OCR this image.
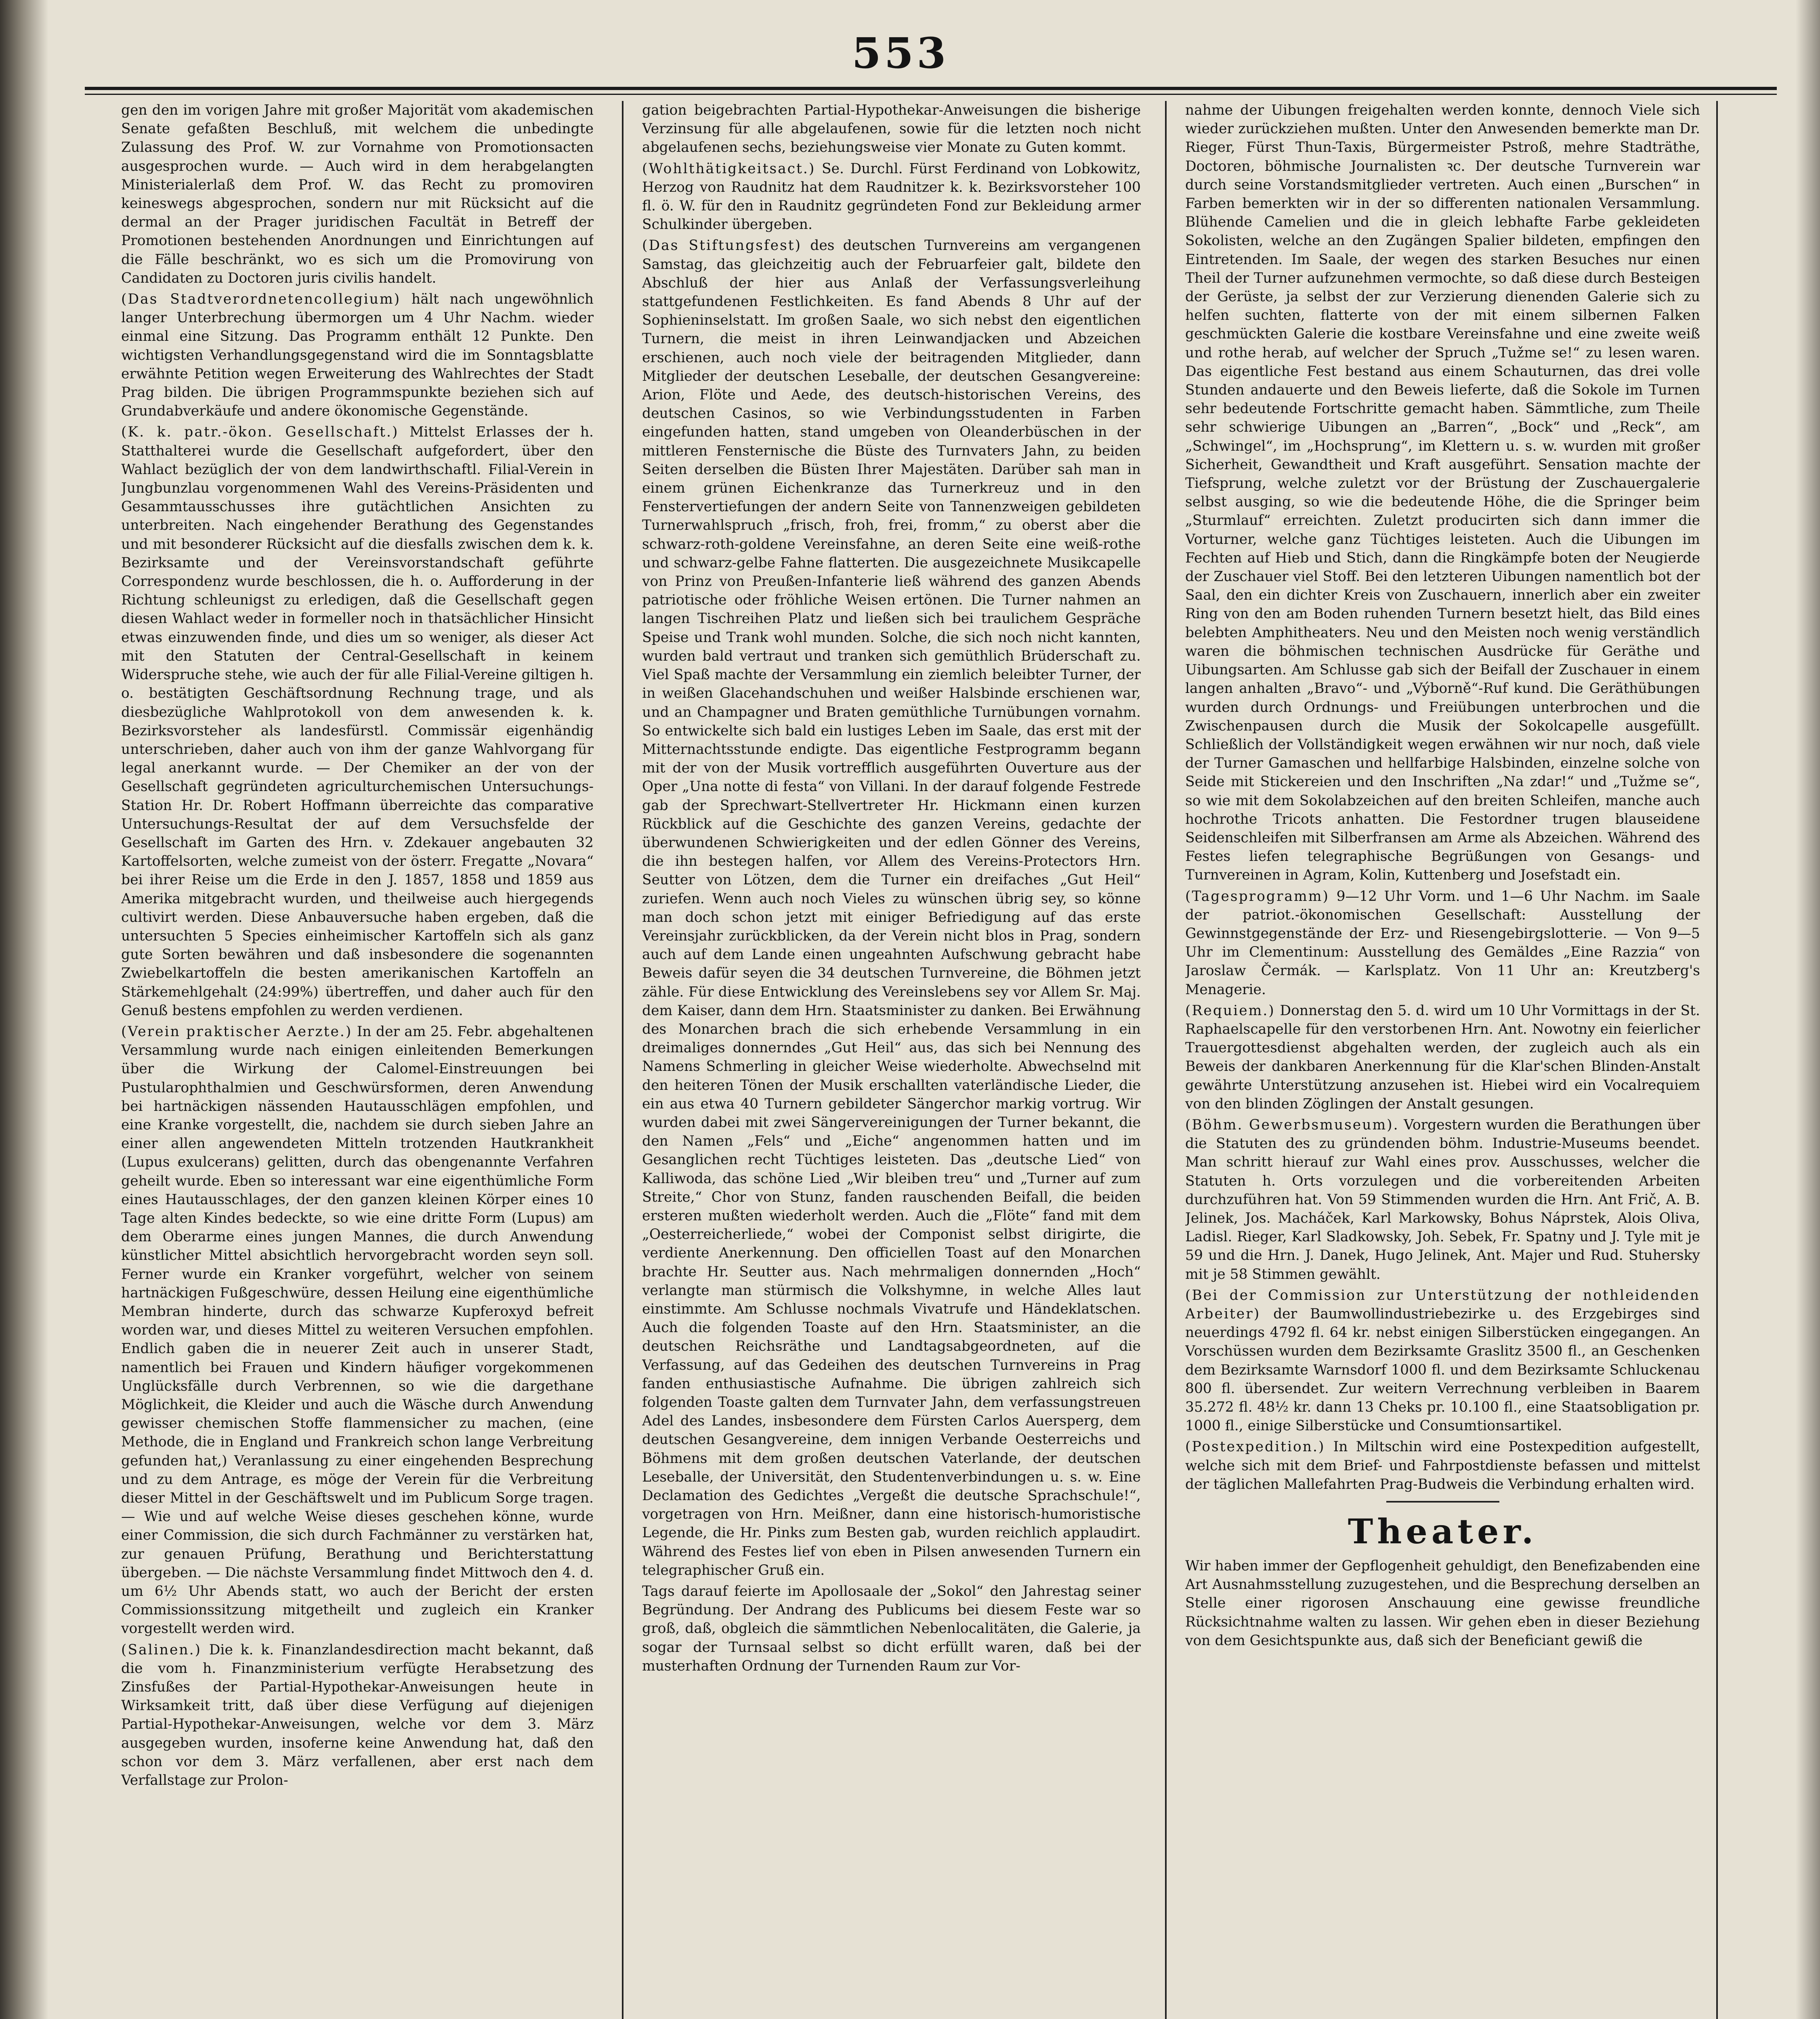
553

gen den im vorigen Jahre mit großer Majorität vom akademischen Senate gefaßten Beschluß, mit welchem die unbedingte Zulassung des Prof. W. zur Vornahme von Promotionsacten ausgesprochen wurde. — Auch wird in dem herabgelangten Ministerialerlaß dem Prof. W. das Recht zu promoviren keineswegs abgesprochen, sondern nur mit Rücksicht auf die dermal an der Prager juridischen Facultät in Betreff der Promotionen bestehenden Anordnungen und Einrichtungen auf die Fälle beschränkt, wo es sich um die Promovirung von Candidaten zu Doctoren juris civilis handelt.

(Das Stadtverordnetencollegium) hält nach ungewöhnlich langer Unterbrechung übermorgen um 4 Uhr Nachm. wieder einmal eine Sitzung. Das Programm enthält 12 Punkte. Den wichtigsten Verhandlungsgegenstand wird die im Sonntagsblatte erwähnte Petition wegen Erweiterung des Wahlrechtes der Stadt Prag bilden. Die übrigen Programmspunkte beziehen sich auf Grundabverkäufe und andere ökonomische Gegenstände.

(K. k. patr.-ökon. Gesellschaft.) Mittelst Erlasses der h. Statthalterei wurde die Gesellschaft aufgefordert, über den Wahlact bezüglich der von dem landwirthschaftl. Filial-Verein in Jungbunzlau vorgenommenen Wahl des Vereins-Präsidenten und Gesammtausschusses ihre gutächtlichen Ansichten zu unterbreiten. Nach eingehender Berathung des Gegenstandes und mit besonderer Rücksicht auf die diesfalls zwischen dem k. k. Bezirksamte und der Vereinsvorstandschaft geführte Correspondenz wurde beschlossen, die h. o. Aufforderung in der Richtung schleunigst zu erledigen, daß die Gesellschaft gegen diesen Wahlact weder in formeller noch in thatsächlicher Hinsicht etwas einzuwenden finde, und dies um so weniger, als dieser Act mit den Statuten der Central-Gesellschaft in keinem Widerspruche stehe, wie auch der für alle Filial-Vereine giltigen h. o. bestätigten Geschäftsordnung Rechnung trage, und als diesbezügliche Wahlprotokoll von dem anwesenden k. k. Bezirksvorsteher als landesfürstl. Commissär eigenhändig unterschrieben, daher auch von ihm der ganze Wahlvorgang für legal anerkannt wurde. — Der Chemiker an der von der Gesellschaft gegründeten agriculturchemischen Untersuchungs-Station Hr. Dr. Robert Hoffmann überreichte das comparative Untersuchungs-Resultat der auf dem Versuchsfelde der Gesellschaft im Garten des Hrn. v. Zdekauer angebauten 32 Kartoffelsorten, welche zumeist von der österr. Fregatte „Novara“ bei ihrer Reise um die Erde in den J. 1857, 1858 und 1859 aus Amerika mitgebracht wurden, und theilweise auch hiergegends cultivirt werden. Diese Anbauversuche haben ergeben, daß die untersuchten 5 Species einheimischer Kartoffeln sich als ganz gute Sorten bewähren und daß insbesondere die sogenannten Zwiebelkartoffeln die besten amerikanischen Kartoffeln an Stärkemehlgehalt (24:99%) übertreffen, und daher auch für den Genuß bestens empfohlen zu werden verdienen.

(Verein praktischer Aerzte.) In der am 25. Febr. abgehaltenen Versammlung wurde nach einigen einleitenden Bemerkungen über die Wirkung der Calomel-Einstreuungen bei Pustularophthalmien und Geschwürsformen, deren Anwendung bei hartnäckigen nässenden Hautausschlägen empfohlen, und eine Kranke vorgestellt, die, nachdem sie durch sieben Jahre an einer allen angewendeten Mitteln trotzenden Hautkrankheit (Lupus exulcerans) gelitten, durch das obengenannte Verfahren geheilt wurde. Eben so interessant war eine eigenthümliche Form eines Hautausschlages, der den ganzen kleinen Körper eines 10 Tage alten Kindes bedeckte, so wie eine dritte Form (Lupus) am dem Oberarme eines jungen Mannes, die durch Anwendung künstlicher Mittel absichtlich hervorgebracht worden seyn soll. Ferner wurde ein Kranker vorgeführt, welcher von seinem hartnäckigen Fußgeschwüre, dessen Heilung eine eigenthümliche Membran hinderte, durch das schwarze Kupferoxyd befreit worden war, und dieses Mittel zu weiteren Versuchen empfohlen. Endlich gaben die in neuerer Zeit auch in unserer Stadt, namentlich bei Frauen und Kindern häufiger vorgekommenen Unglücksfälle durch Verbrennen, so wie die dargethane Möglichkeit, die Kleider und auch die Wäsche durch Anwendung gewisser chemischen Stoffe flammensicher zu machen, (eine Methode, die in England und Frankreich schon lange Verbreitung gefunden hat,) Veranlassung zu einer eingehenden Besprechung und zu dem Antrage, es möge der Verein für die Verbreitung dieser Mittel in der Geschäftswelt und im Publicum Sorge tragen. — Wie und auf welche Weise dieses geschehen könne, wurde einer Commission, die sich durch Fachmänner zu verstärken hat, zur genauen Prüfung, Berathung und Berichterstattung übergeben. — Die nächste Versammlung findet Mittwoch den 4. d. um 6½ Uhr Abends statt, wo auch der Bericht der ersten Commissionssitzung mitgetheilt und zugleich ein Kranker vorgestellt werden wird.

(Salinen.) Die k. k. Finanzlandesdirection macht bekannt, daß die vom h. Finanzministerium verfügte Herabsetzung des Zinsfußes der Partial-Hypothekar-Anweisungen heute in Wirksamkeit tritt, daß über diese Verfügung auf diejenigen Partial-Hypothekar-Anweisungen, welche vor dem 3. März ausgegeben wurden, insoferne keine Anwendung hat, daß den schon vor dem 3. März verfallenen, aber erst nach dem Verfallstage zur Prolon-

gation beigebrachten Partial-Hypothekar-Anweisungen die bisherige Verzinsung für alle abgelaufenen, sowie für die letzten noch nicht abgelaufenen sechs, beziehungsweise vier Monate zu Guten kommt.

(Wohlthätigkeitsact.) Se. Durchl. Fürst Ferdinand von Lobkowitz, Herzog von Raudnitz hat dem Raudnitzer k. k. Bezirksvorsteher 100 fl. ö. W. für den in Raudnitz gegründeten Fond zur Bekleidung armer Schulkinder übergeben.

(Das Stiftungsfest) des deutschen Turnvereins am vergangenen Samstag, das gleichzeitig auch der Februarfeier galt, bildete den Abschluß der hier aus Anlaß der Verfassungsverleihung stattgefundenen Festlichkeiten. Es fand Abends 8 Uhr auf der Sophieninselstatt. Im großen Saale, wo sich nebst den eigentlichen Turnern, die meist in ihren Leinwandjacken und Abzeichen erschienen, auch noch viele der beitragenden Mitglieder, dann Mitglieder der deutschen Leseballe, der deutschen Gesangvereine: Arion, Flöte und Aede, des deutsch-historischen Vereins, des deutschen Casinos, so wie Verbindungsstudenten in Farben eingefunden hatten, stand umgeben von Oleanderbüschen in der mittleren Fensternische die Büste des Turnvaters Jahn, zu beiden Seiten derselben die Büsten Ihrer Majestäten. Darüber sah man in einem grünen Eichenkranze das Turnerkreuz und in den Fenstervertiefungen der andern Seite von Tannenzweigen gebildeten Turnerwahlspruch „frisch, froh, frei, fromm,“ zu oberst aber die schwarz-roth-goldene Vereinsfahne, an deren Seite eine weiß-rothe und schwarz-gelbe Fahne flatterten. Die ausgezeichnete Musikcapelle von Prinz von Preußen-Infanterie ließ während des ganzen Abends patriotische oder fröhliche Weisen ertönen. Die Turner nahmen an langen Tischreihen Platz und ließen sich bei traulichem Gespräche Speise und Trank wohl munden. Solche, die sich noch nicht kannten, wurden bald vertraut und tranken sich gemüthlich Brüderschaft zu. Viel Spaß machte der Versammlung ein ziemlich beleibter Turner, der in weißen Glacehandschuhen und weißer Halsbinde erschienen war, und an Champagner und Braten gemüthliche Turnübungen vornahm. So entwickelte sich bald ein lustiges Leben im Saale, das erst mit der Mitternachtsstunde endigte. Das eigentliche Festprogramm begann mit der von der Musik vortrefflich ausgeführten Ouverture aus der Oper „Una notte di festa“ von Villani. In der darauf folgende Festrede gab der Sprechwart-Stellvertreter Hr. Hickmann einen kurzen Rückblick auf die Geschichte des ganzen Vereins, gedachte der überwundenen Schwierigkeiten und der edlen Gönner des Vereins, die ihn bestegen halfen, vor Allem des Vereins-Protectors Hrn. Seutter von Lötzen, dem die Turner ein dreifaches „Gut Heil“ zuriefen. Wenn auch noch Vieles zu wünschen übrig sey, so könne man doch schon jetzt mit einiger Befriedigung auf das erste Vereinsjahr zurückblicken, da der Verein nicht blos in Prag, sondern auch auf dem Lande einen ungeahnten Aufschwung gebracht habe Beweis dafür seyen die 34 deutschen Turnvereine, die Böhmen jetzt zähle. Für diese Entwicklung des Vereinslebens sey vor Allem Sr. Maj. dem Kaiser, dann dem Hrn. Staatsminister zu danken. Bei Erwähnung des Monarchen brach die sich erhebende Versammlung in ein dreimaliges donnerndes „Gut Heil“ aus, das sich bei Nennung des Namens Schmerling in gleicher Weise wiederholte. Abwechselnd mit den heiteren Tönen der Musik erschallten vaterländische Lieder, die ein aus etwa 40 Turnern gebildeter Sängerchor markig vortrug. Wir wurden dabei mit zwei Sängervereinigungen der Turner bekannt, die den Namen „Fels“ und „Eiche“ angenommen hatten und im Gesanglichen recht Tüchtiges leisteten. Das „deutsche Lied“ von Kalliwoda, das schöne Lied „Wir bleiben treu“ und „Turner auf zum Streite,“ Chor von Stunz, fanden rauschenden Beifall, die beiden ersteren mußten wiederholt werden. Auch die „Flöte“ fand mit dem „Oesterreicherliede,“ wobei der Componist selbst dirigirte, die verdiente Anerkennung. Den officiellen Toast auf den Monarchen brachte Hr. Seutter aus. Nach mehrmaligen donnernden „Hoch“ verlangte man stürmisch die Volkshymne, in welche Alles laut einstimmte. Am Schlusse nochmals Vivatrufe und Händeklatschen. Auch die folgenden Toaste auf den Hrn. Staatsminister, an die deutschen Reichsräthe und Landtagsabgeordneten, auf die Verfassung, auf das Gedeihen des deutschen Turnvereins in Prag fanden enthusiastische Aufnahme. Die übrigen zahlreich sich folgenden Toaste galten dem Turnvater Jahn, dem verfassungstreuen Adel des Landes, insbesondere dem Fürsten Carlos Auersperg, dem deutschen Gesangvereine, dem innigen Verbande Oesterreichs und Böhmens mit dem großen deutschen Vaterlande, der deutschen Leseballe, der Universität, den Studentenverbindungen u. s. w. Eine Declamation des Gedichtes „Vergeßt die deutsche Sprachschule!“, vorgetragen von Hrn. Meißner, dann eine historisch-humoristische Legende, die Hr. Pinks zum Besten gab, wurden reichlich applaudirt. Während des Festes lief von eben in Pilsen anwesenden Turnern ein telegraphischer Gruß ein.

Tags darauf feierte im Apollosaale der „Sokol“ den Jahrestag seiner Begründung. Der Andrang des Publicums bei diesem Feste war so groß, daß, obgleich die sämmtlichen Nebenlocalitäten, die Galerie, ja sogar der Turnsaal selbst so dicht erfüllt waren, daß bei der musterhaften Ordnung der Turnenden Raum zur Vor-

nahme der Uibungen freigehalten werden konnte, dennoch Viele sich wieder zurückziehen mußten. Unter den Anwesenden bemerkte man Dr. Rieger, Fürst Thun-Taxis, Bürgermeister Pstroß, mehre Stadträthe, Doctoren, böhmische Journalisten ꝛc. Der deutsche Turnverein war durch seine Vorstandsmitglieder vertreten. Auch einen „Burschen“ in Farben bemerkten wir in der so differenten nationalen Versammlung. Blühende Camelien und die in gleich lebhafte Farbe gekleideten Sokolisten, welche an den Zugängen Spalier bildeten, empfingen den Eintretenden. Im Saale, der wegen des starken Besuches nur einen Theil der Turner aufzunehmen vermochte, so daß diese durch Besteigen der Gerüste, ja selbst der zur Verzierung dienenden Galerie sich zu helfen suchten, flatterte von der mit einem silbernen Falken geschmückten Galerie die kostbare Vereinsfahne und eine zweite weiß und rothe herab, auf welcher der Spruch „Tužme se!“ zu lesen waren. Das eigentliche Fest bestand aus einem Schauturnen, das drei volle Stunden andauerte und den Beweis lieferte, daß die Sokole im Turnen sehr bedeutende Fortschritte gemacht haben. Sämmtliche, zum Theile sehr schwierige Uibungen an „Barren“, „Bock“ und „Reck“, am „Schwingel“, im „Hochsprung“, im Klettern u. s. w. wurden mit großer Sicherheit, Gewandtheit und Kraft ausgeführt. Sensation machte der Tiefsprung, welche zuletzt vor der Brüstung der Zuschauergalerie selbst ausging, so wie die bedeutende Höhe, die die Springer beim „Sturmlauf“ erreichten. Zuletzt producirten sich dann immer die Vorturner, welche ganz Tüchtiges leisteten. Auch die Uibungen im Fechten auf Hieb und Stich, dann die Ringkämpfe boten der Neugierde der Zuschauer viel Stoff. Bei den letzteren Uibungen namentlich bot der Saal, den ein dichter Kreis von Zuschauern, innerlich aber ein zweiter Ring von den am Boden ruhenden Turnern besetzt hielt, das Bild eines belebten Amphitheaters. Neu und den Meisten noch wenig verständlich waren die böhmischen technischen Ausdrücke für Geräthe und Uibungsarten. Am Schlusse gab sich der Beifall der Zuschauer in einem langen anhalten „Bravo“- und „Výborně“-Ruf kund. Die Geräthübungen wurden durch Ordnungs- und Freiübungen unterbrochen und die Zwischenpausen durch die Musik der Sokolcapelle ausgefüllt. Schließlich der Vollständigkeit wegen erwähnen wir nur noch, daß viele der Turner Gamaschen und hellfarbige Halsbinden, einzelne solche von Seide mit Stickereien und den Inschriften „Na zdar!“ und „Tužme se“, so wie mit dem Sokolabzeichen auf den breiten Schleifen, manche auch hochrothe Tricots anhatten. Die Festordner trugen blauseidene Seidenschleifen mit Silberfransen am Arme als Abzeichen. Während des Festes liefen telegraphische Begrüßungen von Gesangs- und Turnvereinen in Agram, Kolin, Kuttenberg und Josefstadt ein.

(Tagesprogramm) 9—12 Uhr Vorm. und 1—6 Uhr Nachm. im Saale der patriot.-ökonomischen Gesellschaft: Ausstellung der Gewinnstgegenstände der Erz- und Riesengebirgslotterie. — Von 9—5 Uhr im Clementinum: Ausstellung des Gemäldes „Eine Razzia“ von Jaroslaw Čermák. — Karlsplatz. Von 11 Uhr an: Kreutzberg's Menagerie.

(Requiem.) Donnerstag den 5. d. wird um 10 Uhr Vormittags in der St. Raphaelscapelle für den verstorbenen Hrn. Ant. Nowotny ein feierlicher Trauergottesdienst abgehalten werden, der zugleich auch als ein Beweis der dankbaren Anerkennung für die Klar'schen Blinden-Anstalt gewährte Unterstützung anzusehen ist. Hiebei wird ein Vocalrequiem von den blinden Zöglingen der Anstalt gesungen.

(Böhm. Gewerbsmuseum). Vorgestern wurden die Berathungen über die Statuten des zu gründenden böhm. Industrie-Museums beendet. Man schritt hierauf zur Wahl eines prov. Ausschusses, welcher die Statuten h. Orts vorzulegen und die vorbereitenden Arbeiten durchzuführen hat. Von 59 Stimmenden wurden die Hrn. Ant Frič, A. B. Jelinek, Jos. Macháček, Karl Markowsky, Bohus Náprstek, Alois Oliva, Ladisl. Rieger, Karl Sladkowsky, Joh. Sebek, Fr. Spatny und J. Tyle mit je 59 und die Hrn. J. Danek, Hugo Jelinek, Ant. Majer und Rud. Stuhersky mit je 58 Stimmen gewählt.

(Bei der Commission zur Unterstützung der nothleidenden Arbeiter) der Baumwollindustriebezirke u. des Erzgebirges sind neuerdings 4792 fl. 64 kr. nebst einigen Silberstücken eingegangen. An Vorschüssen wurden dem Bezirksamte Graslitz 3500 fl., an Geschenken dem Bezirksamte Warnsdorf 1000 fl. und dem Bezirksamte Schluckenau 800 fl. übersendet. Zur weitern Verrechnung verbleiben in Baarem 35.272 fl. 48½ kr. dann 13 Cheks pr. 10.100 fl., eine Staatsobligation pr. 1000 fl., einige Silberstücke und Consumtionsartikel.

(Postexpedition.) In Miltschin wird eine Postexpedition aufgestellt, welche sich mit dem Brief- und Fahrpostdienste befassen und mittelst der täglichen Mallefahrten Prag-Budweis die Verbindung erhalten wird.

Theater.

Wir haben immer der Gepflogenheit gehuldigt, den Benefizabenden eine Art Ausnahmsstellung zuzugestehen, und die Besprechung derselben an Stelle einer rigorosen Anschauung eine gewisse freundliche Rücksichtnahme walten zu lassen. Wir gehen eben in dieser Beziehung von dem Gesichtspunkte aus, daß sich der Beneficiant gewiß die
